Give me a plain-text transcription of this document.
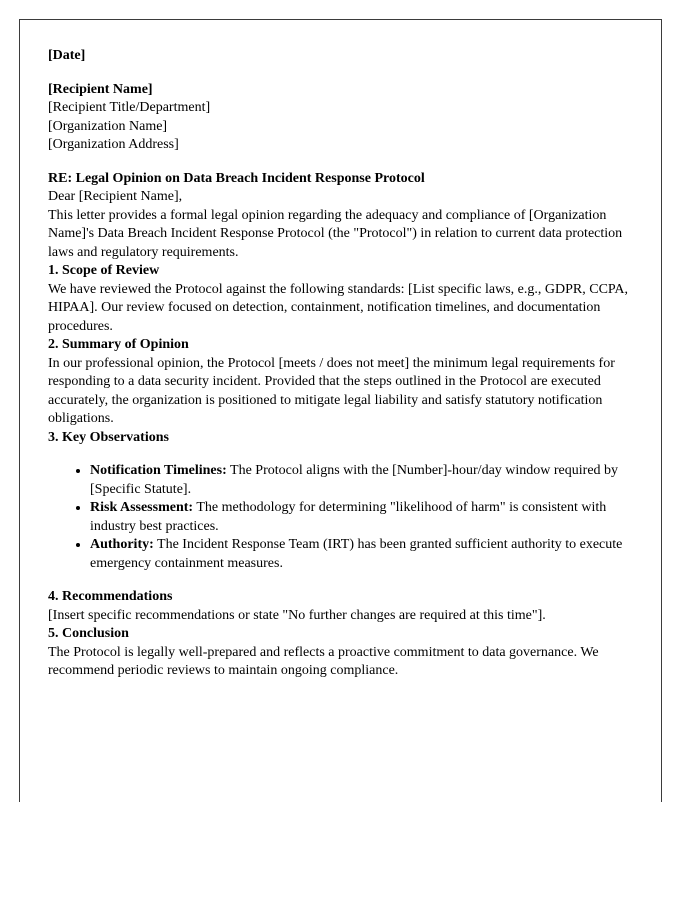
[Date]

[Recipient Name]
[Recipient Title/Department]
[Organization Name]
[Organization Address]

RE: Legal Opinion on Data Breach Incident Response Protocol

Dear [Recipient Name],

This letter provides a formal legal opinion regarding the adequacy and compliance of [Organization Name]'s Data Breach Incident Response Protocol (the "Protocol") in relation to current data protection laws and regulatory requirements.

1. Scope of Review

We have reviewed the Protocol against the following standards: [List specific laws, e.g., GDPR, CCPA, HIPAA]. Our review focused on detection, containment, notification timelines, and documentation procedures.

2. Summary of Opinion

In our professional opinion, the Protocol [meets / does not meet] the minimum legal requirements for responding to a data security incident. Provided that the steps outlined in the Protocol are executed accurately, the organization is positioned to mitigate legal liability and satisfy statutory notification obligations.

3. Key Observations

• Notification Timelines: The Protocol aligns with the [Number]-hour/day window required by [Specific Statute].
• Risk Assessment: The methodology for determining "likelihood of harm" is consistent with industry best practices.
• Authority: The Incident Response Team (IRT) has been granted sufficient authority to execute emergency containment measures.

4. Recommendations

[Insert specific recommendations or state "No further changes are required at this time"].

5. Conclusion

The Protocol is legally well-prepared and reflects a proactive commitment to data governance. We recommend periodic reviews to maintain ongoing compliance.
